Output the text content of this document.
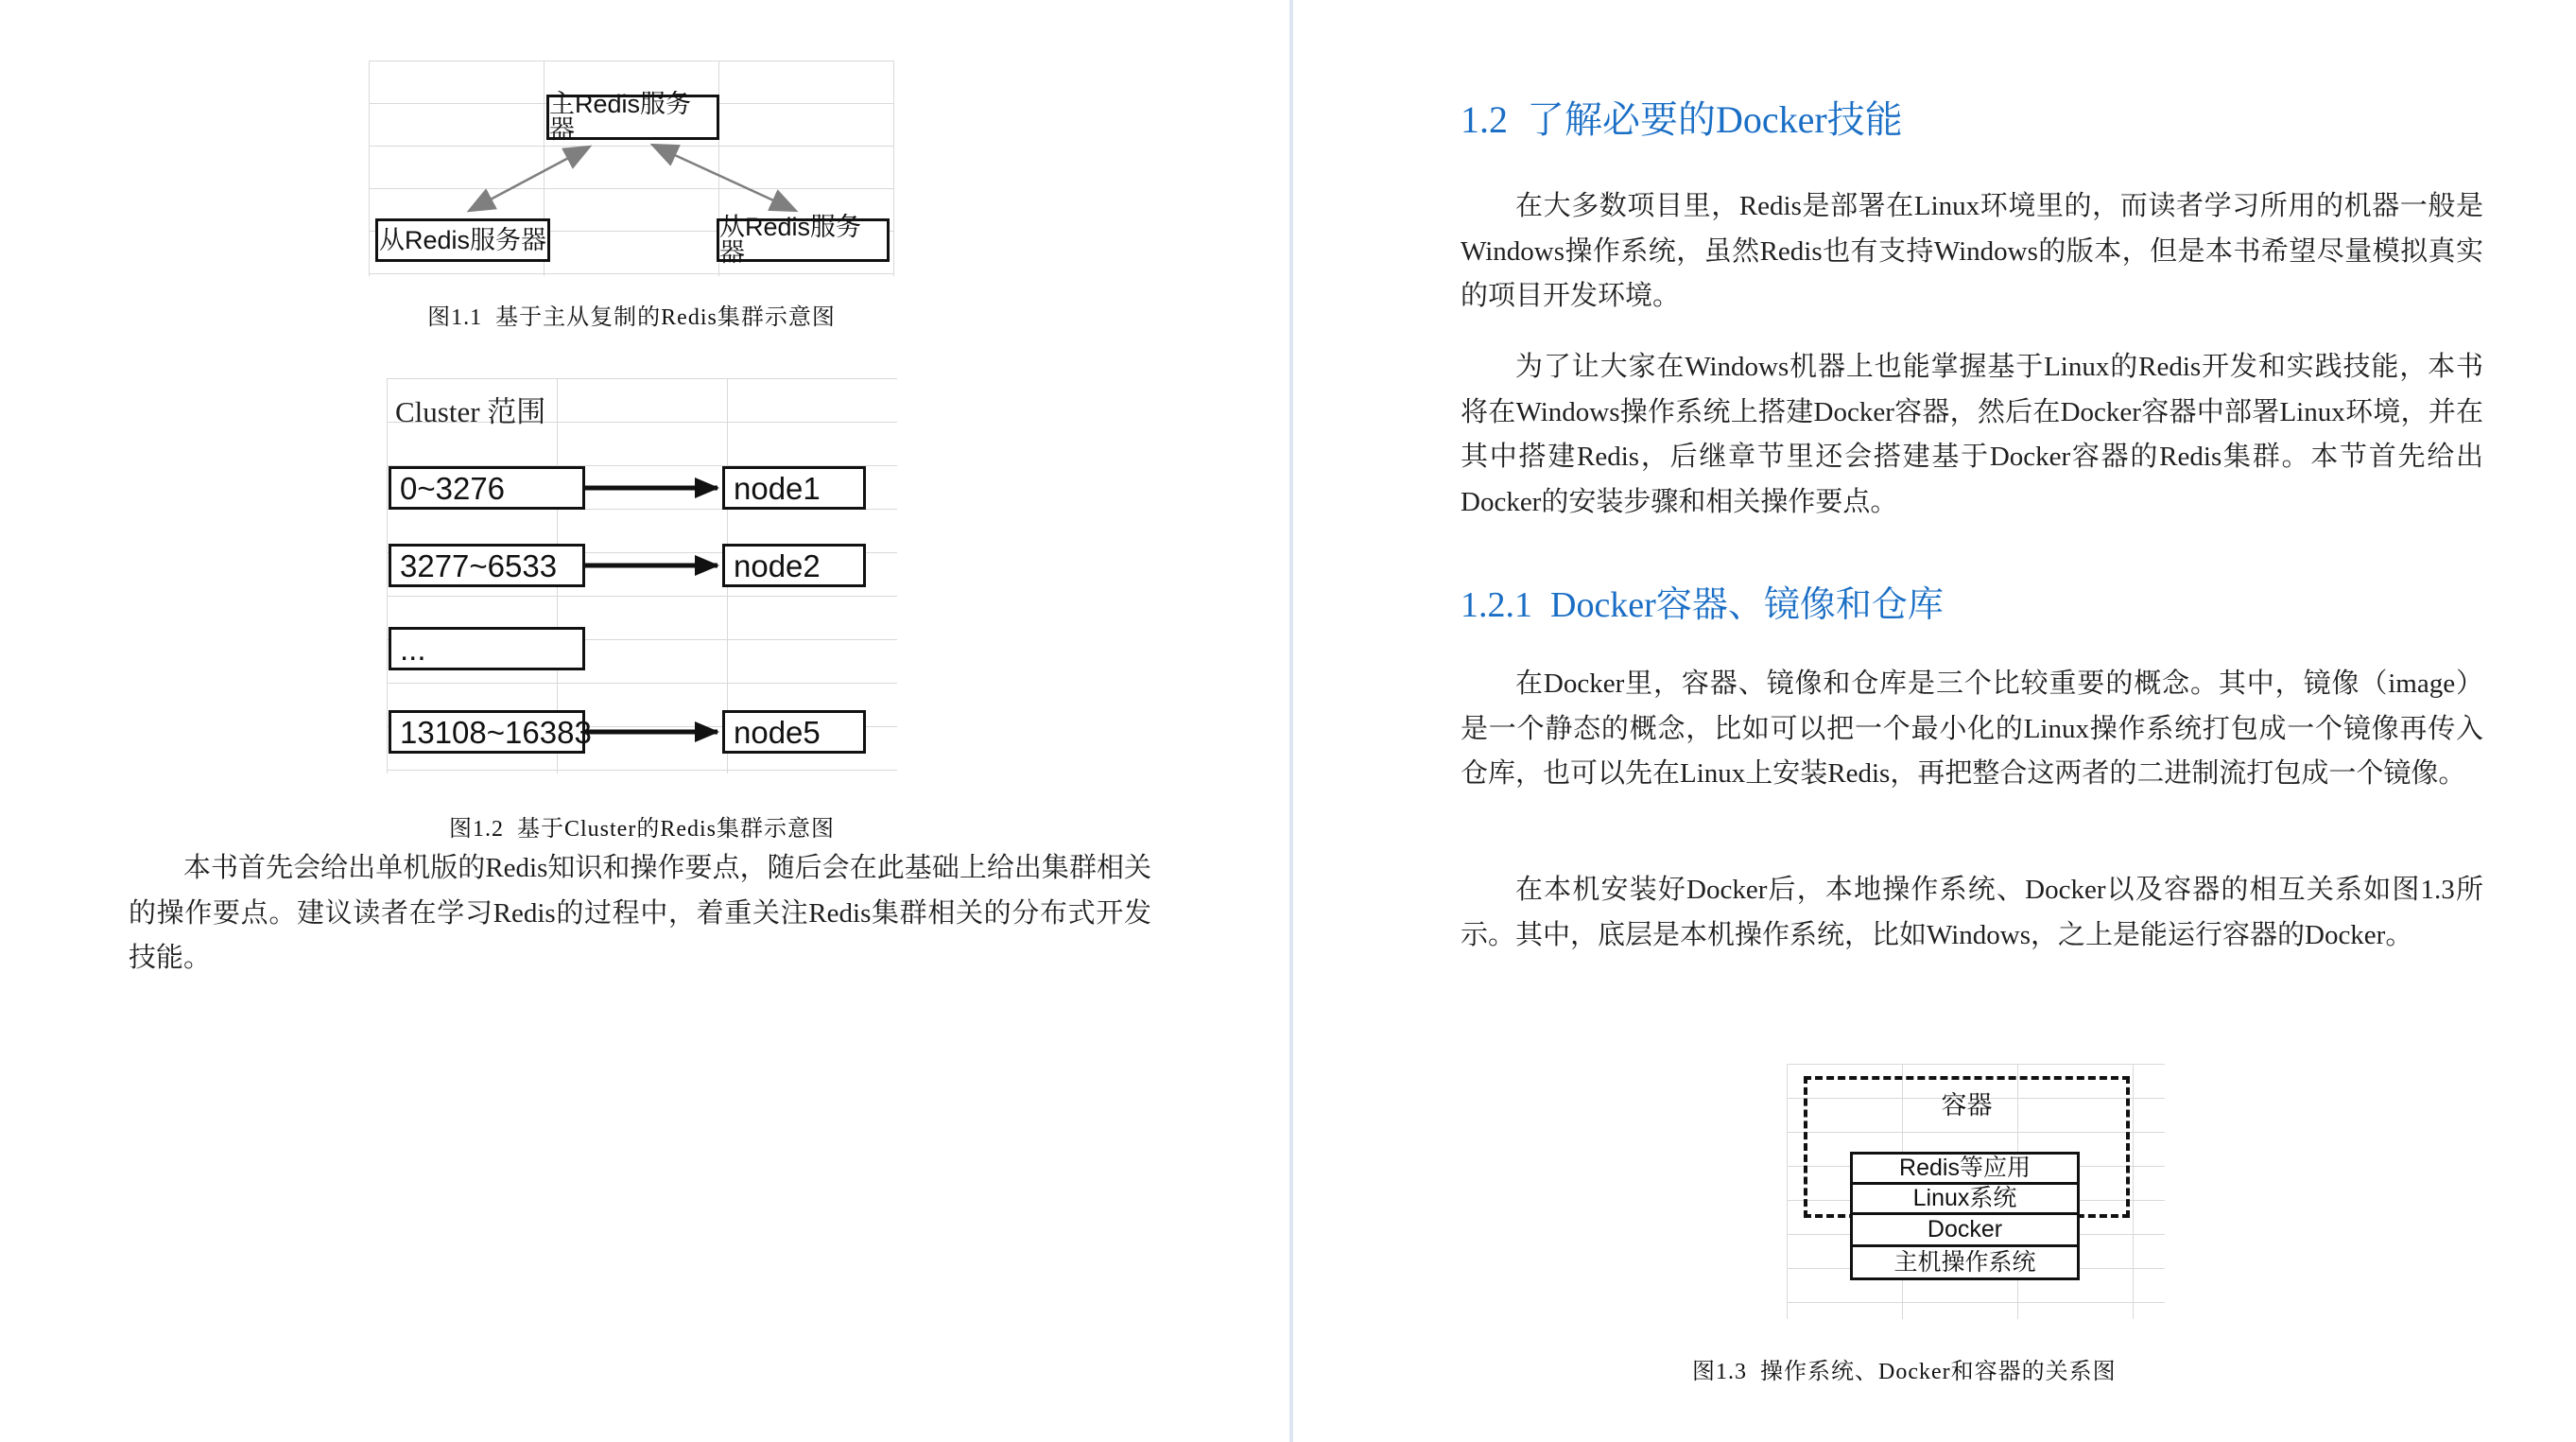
主Redis服务器
从Redis服务器	从Redis服务器
图1.1  基于主从复制的Redis集群示意图
Cluster 范围
0~3276
3277~6533
...
13108~16383
node1
node2
node5
图1.2  基于Cluster的Redis集群示意图

本书首先会给出单机版的Redis知识和操作要点，随后会在此基础上给出集群相关的操作要点。建议读者在学习Redis的过程中，着重关注Redis集群相关的分布式开发技能。

1.2  了解必要的Docker技能

在大多数项目里，Redis是部署在Linux环境里的，而读者学习所用的机器一般是Windows操作系统，虽然Redis也有支持Windows的版本，但是本书希望尽量模拟真实的项目开发环境。

为了让大家在Windows机器上也能掌握基于Linux的Redis开发和实践技能，本书将在Windows操作系统上搭建Docker容器，然后在Docker容器中部署Linux环境，并在其中搭建Redis，后继章节里还会搭建基于Docker容器的Redis集群。本节首先给出Docker的安装步骤和相关操作要点。

1.2.1  Docker容器、镜像和仓库

在Docker里，容器、镜像和仓库是三个比较重要的概念。其中，镜像（image）是一个静态的概念，比如可以把一个最小化的Linux操作系统打包成一个镜像再传入仓库，也可以先在Linux上安装Redis，再把整合这两者的二进制流打包成一个镜像。

在本机安装好Docker后，本地操作系统、Docker以及容器的相互关系如图1.3所示。其中，底层是本机操作系统，比如Windows，之上是能运行容器的Docker。

容器
Redis等应用
Linux系统
Docker
主机操作系统
图1.3  操作系统、Docker和容器的关系图
